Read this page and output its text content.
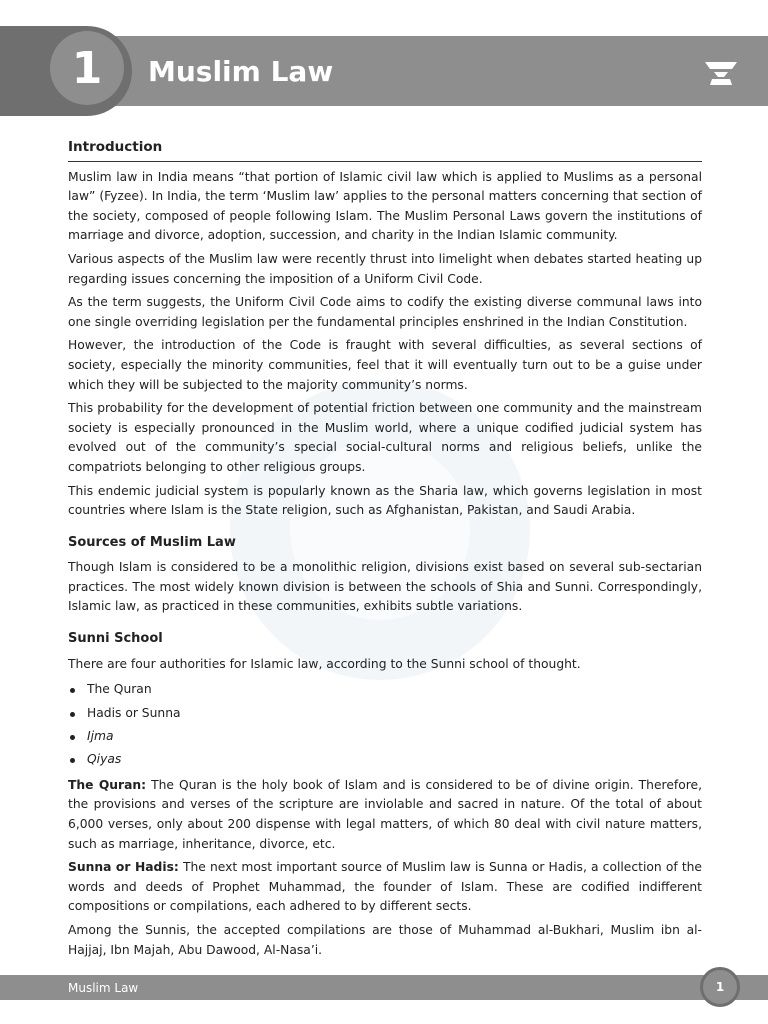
1	Muslim Law
Introduction

Muslim law in India means “that portion of Islamic civil law which is applied to Muslims as a personal law” (Fyzee). In India, the term ‘Muslim law’ applies to the personal matters concerning that section of the society, composed of people following Islam. The Muslim Personal Laws govern the institutions of marriage and divorce, adoption, succession, and charity in the Indian Islamic community.

Various aspects of the Muslim law were recently thrust into limelight when debates started heating up regarding issues concerning the imposition of a Uniform Civil Code.

As the term suggests, the Uniform Civil Code aims to codify the existing diverse communal laws into one single overriding legislation per the fundamental principles enshrined in the Indian Constitution.

However, the introduction of the Code is fraught with several difficulties, as several sections of society, especially the minority communities, feel that it will eventually turn out to be a guise under which they will be subjected to the majority community’s norms.

This probability for the development of potential friction between one community and the mainstream society is especially pronounced in the Muslim world, where a unique codified judicial system has evolved out of the community’s special social-cultural norms and religious beliefs, unlike the compatriots belonging to other religious groups.

This endemic judicial system is popularly known as the Sharia law, which governs legislation in most countries where Islam is the State religion, such as Afghanistan, Pakistan, and Saudi Arabia.

Sources of Muslim Law

Though Islam is considered to be a monolithic religion, divisions exist based on several sub-sectarian practices. The most widely known division is between the schools of Shia and Sunni. Correspondingly, Islamic law, as practiced in these communities, exhibits subtle variations.

Sunni School

There are four authorities for Islamic law, according to the Sunni school of thought.

The Quran
Hadis or Sunna
Ijma
Qiyas

The Quran: The Quran is the holy book of Islam and is considered to be of divine origin. Therefore, the provisions and verses of the scripture are inviolable and sacred in nature. Of the total of about 6,000 verses, only about 200 dispense with legal matters, of which 80 deal with civil nature matters, such as marriage, inheritance, divorce, etc.

Sunna or Hadis: The next most important source of Muslim law is Sunna or Hadis, a collection of the words and deeds of Prophet Muhammad, the founder of Islam. These are codified indifferent compositions or compilations, each adhered to by different sects.

Among the Sunnis, the accepted compilations are those of Muhammad al-Bukhari, Muslim ibn al-Hajjaj, Ibn Majah, Abu Dawood, Al-Nasa’i.

Muslim Law	1
